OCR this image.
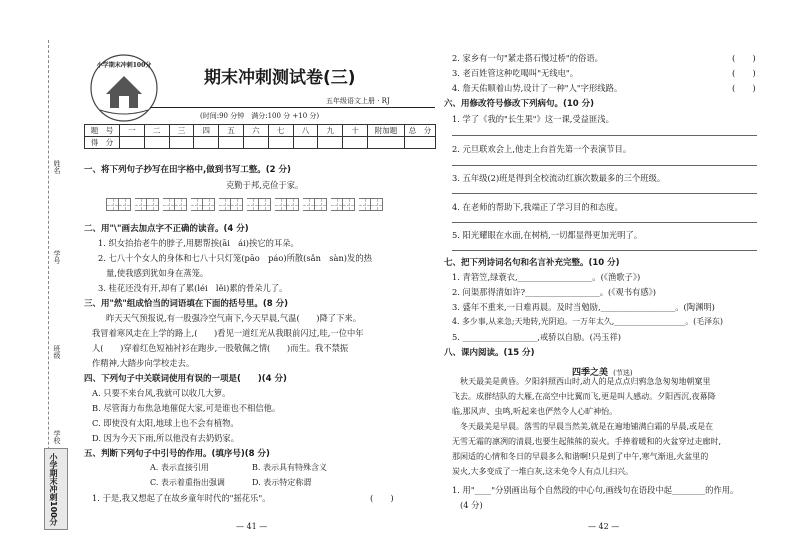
姓名
学号
班级
学校
小学期末冲刺100分
小学期末冲刺100分
期末冲刺测试卷(三)
五年级语文上册 · RJ
(时间:90 分钟　满分:100 分 +10 分)
题　号	一	二	三	四	五	六	七	八	九	十	附加题	总　分
得　分												
一、将下列句子抄写在田字格中,做到书写工整。(2 分)
克勤于邦,克俭于家。
二、用"\"画去加点字不正确的读音。(4 分)
1. 织女抬抬老牛的脖子,用腮帮挨(āi　ái)挨它的耳朵。
2. 七八十个女人的身体和七八十只灯笼(pāo　páo)所散(sǎn　sàn)发的热
量,使我感到犹如身在蒸笼。
3. 桂花还没有开,却有了累(léi　lěi)累的骨朵儿了。
三、用"然"组成恰当的词语填在下面的括号里。(8 分)
昨天天气预报说,有一股强冷空气南下,今天早晨,气温(　　)降了下来。
我冒着寒风走在上学的路上,(　　)看见一道红光从我眼前闪过,哇,一位中年
人(　　)穿着红色短袖衬衫在跑步,一股敬佩之情(　　)而生。我不禁振
作精神,大踏步向学校走去。
四、下列句子中关联词使用有误的一项是(　　)(4 分)
A. 只要不来台风,我就可以收几大箩。
B. 尽管海力布焦急地催促大家,可是谁也不相信他。
C. 即使没有太阳,地球上也不会有植物。
D. 因为今天下雨,所以他没有去奶奶家。
五、判断下列句子中引号的作用。(填序号)(8 分)
A. 表示直接引用	B. 表示具有特殊含义
C. 表示着重指出强调	D. 表示特定称谓
1. 于是,我又想起了在故乡童年时代的"摇花乐"。	(　　)
— 41 —
2. 家乡有一句"紧走搭石慢过桥"的俗语。	(　　)
3. 老百姓管这种吃喝叫"无线电"。	(　　)
4. 詹天佑顺着山势,设计了一种"人"字形线路。	(　　)
六、用修改符号修改下列病句。(10 分)
1. 学了《我的"长生果"》这一课,受益匪浅。
2. 元旦联欢会上,他走上台首先第一个表演节目。
3. 五年级(2)班是得到全校流动红旗次数最多的三个班级。
4. 在老师的帮助下,我端正了学习目的和态度。
5. 阳光耀眼在水面,在树梢,一切都显得更加光明了。
七、把下列诗词名句和名言补充完整。(10 分)
1. 青箬笠,绿蓑衣,__________________。(《渔歌子》)
2. 问渠那得清如许?__________________。(《观书有感》)
3. 盛年不重来,一日难再晨。及时当勉励,__________________。(陶渊明)
4. 多少事,从来急;天地转,光阴迫。一万年太久,__________________。(毛泽东)
5. __________________,戒骄以自励。(冯玉祥)
八、课内阅读。(15 分)
四季之美 (节选)
秋天最美是黄昏。夕阳斜照西山时,动人的是点点归鸦急急匆匆地朝窠里
飞去。成群结队的大雁,在高空中比翼而飞,更是叫人感动。夕阳西沉,夜幕降
临,那风声、虫鸣,听起来也俨然令人心旷神怡。
冬天最美是早晨。落雪的早晨当然美,就是在遍地铺满白霜的早晨,或是在
无雪无霜的凛冽的清晨,也要生起熊熊的炭火。手捧着暖和的火盆穿过走廊时,
那闲适的心情和冬日的早晨多么和谐啊!只是到了中午,寒气渐退,火盆里的
炭火,大多变成了一堆白灰,这未免令人有点儿扫兴。
1. 用"____"分别画出每个自然段的中心句,画线句在语段中起________的作用。
(4 分)
— 42 —
